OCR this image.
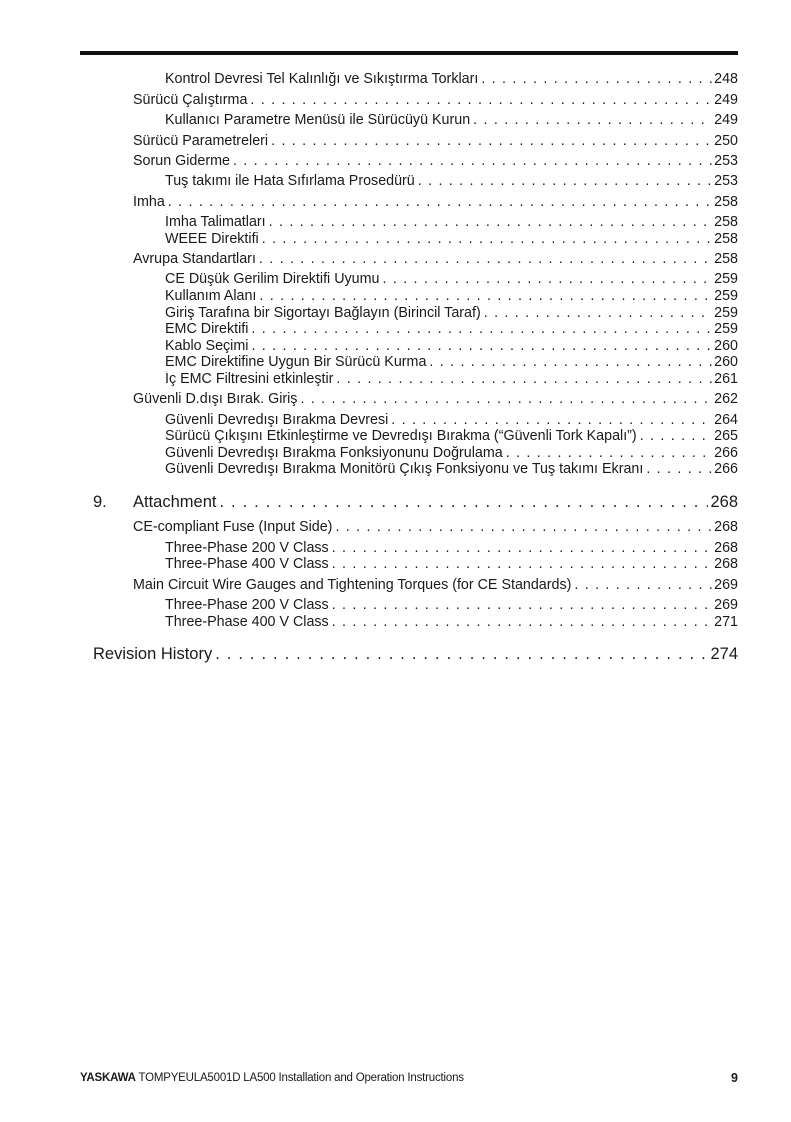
Kontrol Devresi Tel Kalınlığı ve Sıkıştırma Torkları . . .	248
Sürücü Çalıştırma . . .	249
Kullanıcı Parametre Menüsü ile Sürücüyü Kurun . . .	249
Sürücü Parametreleri . . .	250
Sorun Giderme . . .	253
Tuş takımı ile Hata Sıfırlama Prosedürü . . .	253
İmha . . .	258
İmha Talimatları . . .	258
WEEE Direktifi . . .	258
Avrupa Standartları . . .	258
CE Düşük Gerilim Direktifi Uyumu . . .	259
Kullanım Alanı . . .	259
Giriş Tarafına bir Sigortayı Bağlayın (Birincil Taraf) . . .	259
EMC Direktifi . . .	259
Kablo Seçimi . . .	260
EMC Direktifine Uygun Bir Sürücü Kurma . . .	260
İç EMC Filtresini etkinleştir . . .	261
Güvenli D.dışı Bırak. Giriş . . .	262
Güvenli Devredışı Bırakma Devresi . . .	264
Sürücü Çıkışını Etkinleştirme ve Devredışı Bırakma (“Güvenli Tork Kapalı”) . . .	265
Güvenli Devredışı Bırakma Fonksiyonunu Doğrulama . . .	266
Güvenli Devredışı Bırakma Monitörü Çıkış Fonksiyonu ve Tuş takımı Ekranı . . .	266
9. Attachment . . .	268
CE-compliant Fuse (Input Side) . . .	268
Three-Phase 200 V Class . . .	268
Three-Phase 400 V Class . . .	268
Main Circuit Wire Gauges and Tightening Torques (for CE Standards) . . .	269
Three-Phase 200 V Class . . .	269
Three-Phase 400 V Class . . .	271
Revision History . . .	274
YASKAWA TOMPYEULA5001D LA500 Installation and Operation Instructions	9
